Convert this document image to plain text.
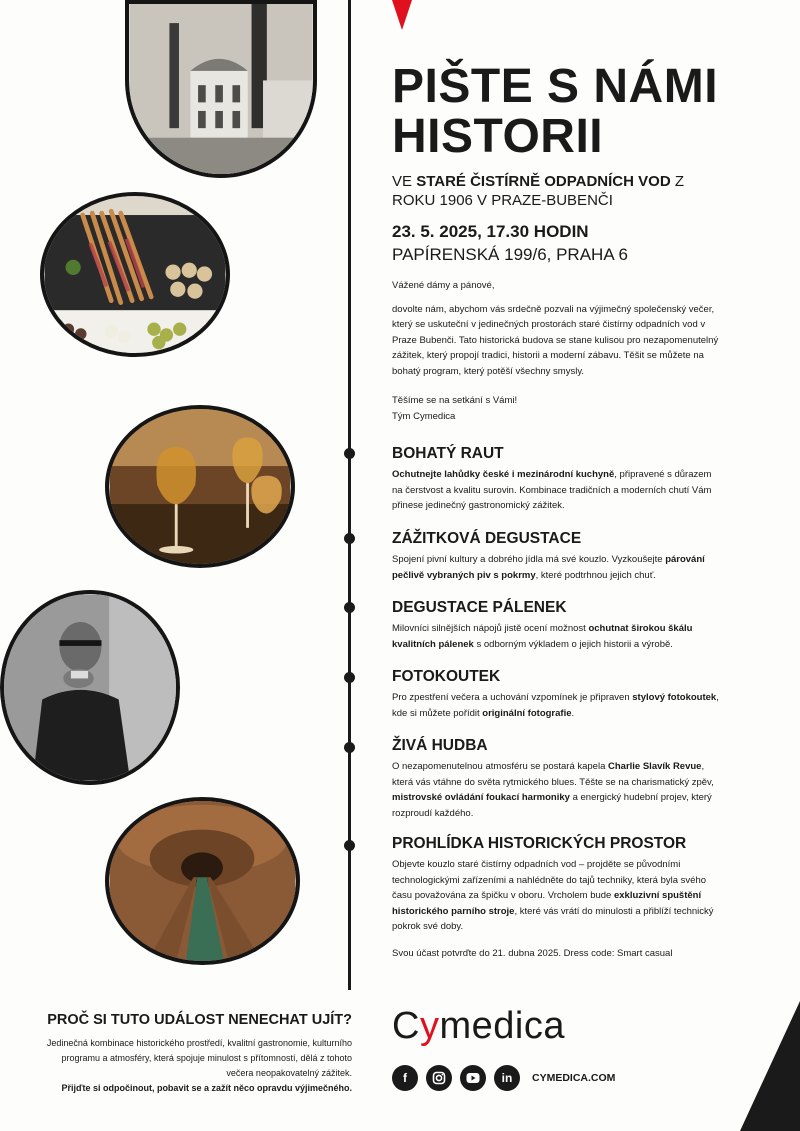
PIŠTE S NÁMI
HISTORII
VE STARÉ ČISTÍRNĚ ODPADNÍCH VOD Z ROKU 1906 V PRAZE-BUBENČI
23. 5. 2025, 17.30 HODIN
PAPÍRENSKÁ 199/6, PRAHA 6

Vážené dámy a pánové,

dovolte nám, abychom vás srdečně pozvali na výjimečný společenský večer, který se uskuteční v jedinečných prostorách staré čistírny odpadních vod v Praze Bubenči. Tato historická budova se stane kulisou pro nezapomenutelný zážitek, který propojí tradici, historii a moderní zábavu. Těšit se můžete na bohatý program, který potěší všechny smysly.

Těšíme se na setkání s Vámi!

Tým Cymedica

BOHATÝ RAUT

Ochutnejte lahůdky české i mezinárodní kuchyně, připravené s důrazem na čerstvost a kvalitu surovin. Kombinace tradičních a moderních chutí Vám přinese jedinečný gastronomický zážitek.

ZÁŽITKOVÁ DEGUSTACE

Spojení pivní kultury a dobrého jídla má své kouzlo. Vyzkoušejte párování pečlivě vybraných piv s pokrmy, které podtrhnou jejich chuť.

DEGUSTACE PÁLENEK

Milovníci silnějších nápojů jistě ocení možnost ochutnat širokou škálu kvalitních pálenek s odborným výkladem o jejich historii a výrobě.

FOTOKOUTEK

Pro zpestření večera a uchování vzpomínek je připraven stylový fotokoutek, kde si můžete pořídit originální fotografie.

ŽIVÁ HUDBA

O nezapomenutelnou atmosféru se postará kapela Charlie Slavík Revue, která vás vtáhne do světa rytmického blues. Těšte se na charismatický zpěv, mistrovské ovládání foukací harmoniky a energický hudební projev, který rozproudí každého.

PROHLÍDKA HISTORICKÝCH PROSTOR

Objevte kouzlo staré čistírny odpadních vod – projděte se původními technologickými zařízeními a nahlédněte do tajů techniky, která byla svého času považována za špičku v oboru. Vrcholem bude exkluzivní spuštění historického parního stroje, které vás vrátí do minulosti a přiblíží technický pokrok své doby.

Svou účast potvrďte do 21. dubna 2025. Dress code: Smart casual
PROČ SI TUTO UDÁLOST NENECHAT UJÍT?

Jedinečná kombinace historického prostředí, kvalitní gastronomie, kulturního programu a atmosféry, která spojuje minulost s přítomností, dělá z tohoto večera neopakovatelný zážitek.
Přijďte si odpočinout, pobavit se a zažít něco opravdu výjimečného.

Cymedica
f	in	CYMEDICA.COM
